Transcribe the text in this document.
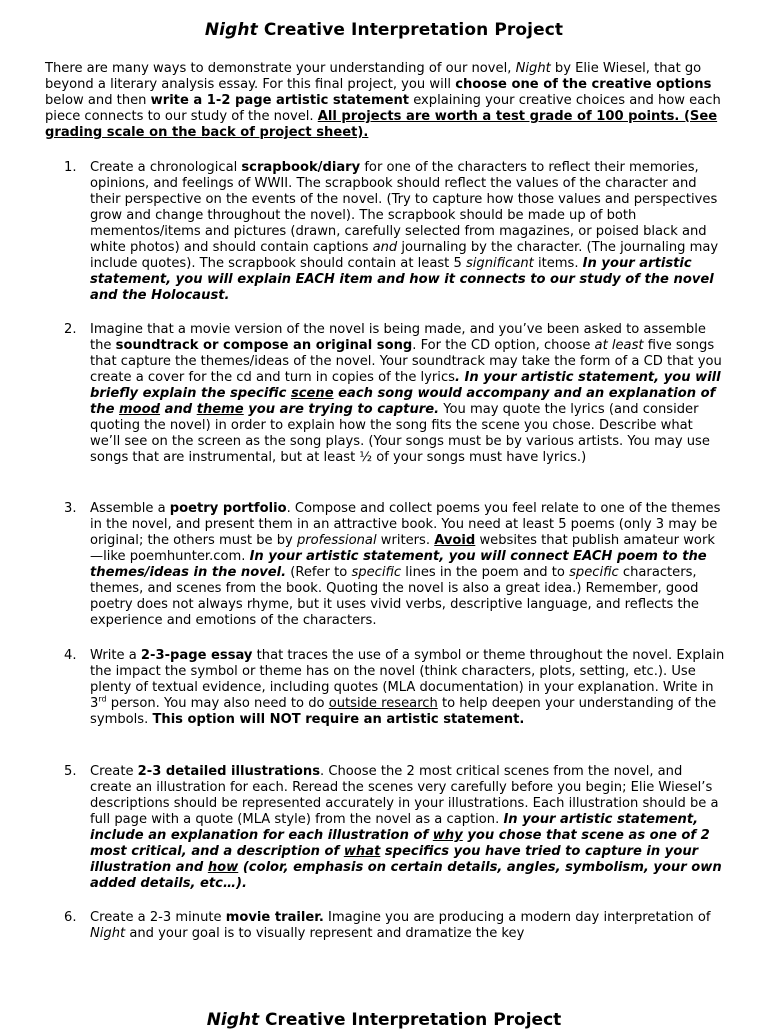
Night Creative Interpretation Project
There are many ways to demonstrate your understanding of our novel, Night by Elie Wiesel, that go beyond a literary analysis essay. For this final project, you will choose one of the creative options below and then write a 1-2 page artistic statement explaining your creative choices and how each piece connects to our study of the novel. All projects are worth a test grade of 100 points. (See grading scale on the back of project sheet).
1.	Create a chronological scrapbook/diary for one of the characters to reflect their memories, opinions, and feelings of WWII. The scrapbook should reflect the values of the character and their perspective on the events of the novel. (Try to capture how those values and perspectives grow and change throughout the novel). The scrapbook should be made up of both mementos/items and pictures (drawn, carefully selected from magazines, or poised black and white photos) and should contain captions and journaling by the character. (The journaling may include quotes). The scrapbook should contain at least 5 significant items. In your artistic statement, you will explain EACH item and how it connects to our study of the novel and the Holocaust.
2.	Imagine that a movie version of the novel is being made, and you’ve been asked to assemble the soundtrack or compose an original song. For the CD option, choose at least five songs that capture the themes/ideas of the novel. Your soundtrack may take the form of a CD that you create a cover for the cd and turn in copies of the lyrics. In your artistic statement, you will briefly explain the specific scene each song would accompany and an explanation of the mood and theme you are trying to capture. You may quote the lyrics (and consider quoting the novel) in order to explain how the song fits the scene you chose. Describe what we’ll see on the screen as the song plays. (Your songs must be by various artists. You may use songs that are instrumental, but at least ½ of your songs must have lyrics.)
3.	Assemble a poetry portfolio. Compose and collect poems you feel relate to one of the themes in the novel, and present them in an attractive book. You need at least 5 poems (only 3 may be original; the others must be by professional writers. Avoid websites that publish amateur work—like poemhunter.com. In your artistic statement, you will connect EACH poem to the themes/ideas in the novel. (Refer to specific lines in the poem and to specific characters, themes, and scenes from the book. Quoting the novel is also a great idea.) Remember, good poetry does not always rhyme, but it uses vivid verbs, descriptive language, and reflects the experience and emotions of the characters.
4.	Write a 2-3-page essay that traces the use of a symbol or theme throughout the novel. Explain the impact the symbol or theme has on the novel (think characters, plots, setting, etc.). Use plenty of textual evidence, including quotes (MLA documentation) in your explanation. Write in 3rd person. You may also need to do outside research to help deepen your understanding of the symbols. This option will NOT require an artistic statement.
5.	Create 2-3 detailed illustrations. Choose the 2 most critical scenes from the novel, and create an illustration for each. Reread the scenes very carefully before you begin; Elie Wiesel’s descriptions should be represented accurately in your illustrations. Each illustration should be a full page with a quote (MLA style) from the novel as a caption. In your artistic statement, include an explanation for each illustration of why you chose that scene as one of 2 most critical, and a description of what specifics you have tried to capture in your illustration and how (color, emphasis on certain details, angles, symbolism, your own added details, etc…).
6.	Create a 2-3 minute movie trailer. Imagine you are producing a modern day interpretation of Night and your goal is to visually represent and dramatize the key
Night Creative Interpretation Project
